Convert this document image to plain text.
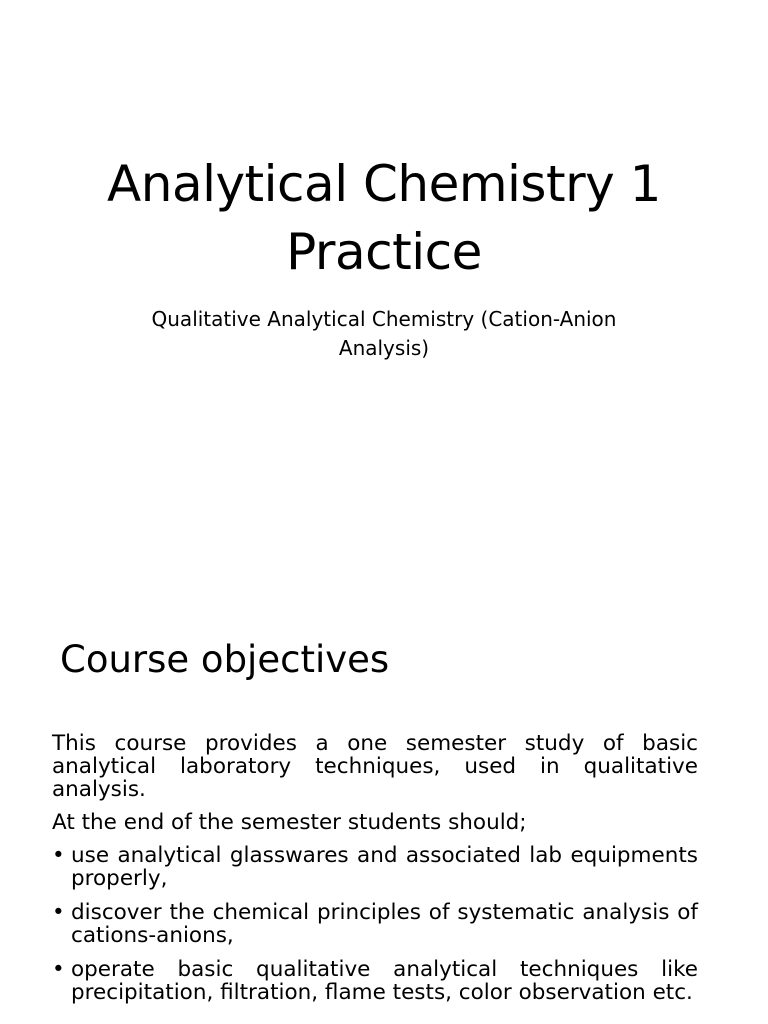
Analytical Chemistry 1
Practice

Qualitative Analytical Chemistry (Cation-Anion
Analysis)

Course objectives

This course provides a one semester study of basic analytical laboratory techniques, used in qualitative analysis.

At the end of the semester students should;

• use analytical glasswares and associated lab equipments properly,
• discover the chemical principles of systematic analysis of cations-anions,
• operate basic qualitative analytical techniques like precipitation, filtration, flame tests, color observation etc.
